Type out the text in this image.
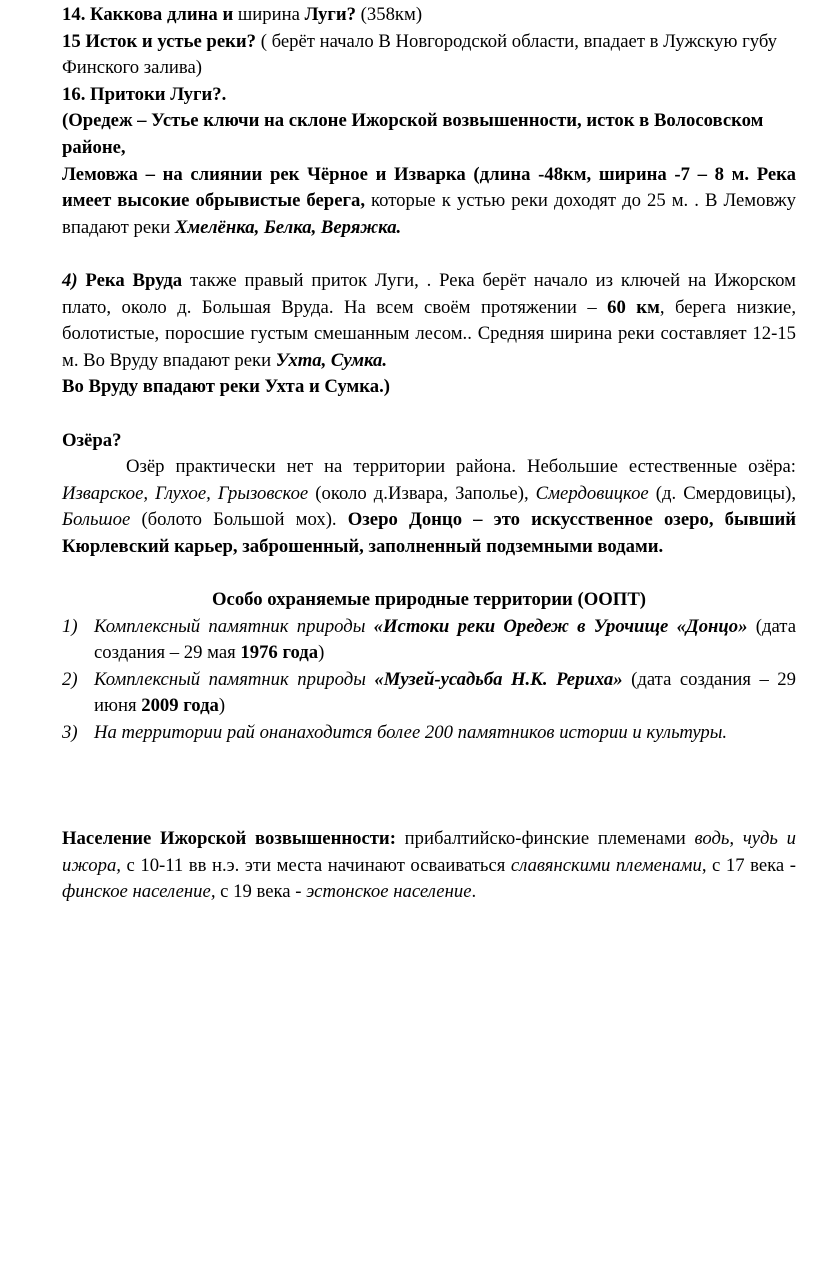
14. Каккова длина и ширина Луги? (358км)

15 Исток и устье реки? ( берёт начало В Новгородской области, впадает в Лужскую губу Финского залива)

16. Притоки Луги?.

(Оредеж – Устье ключи на склоне Ижорской возвышенности, исток в Волосовском районе,

Лемовжа – на слиянии рек Чёрное и Изварка (длина -48км, ширина -7 – 8 м. Река имеет высокие обрывистые берега, которые к устью реки доходят до 25 м. . В Лемовжу впадают реки Хмелёнка, Белка, Веряжка.

4) Река Вруда также правый приток Луги, . Река берёт начало из ключей на Ижорском плато, около д. Большая Вруда. На всем своём протяжении – 60 км, берега низкие, болотистые, поросшие густым смешанным лесом.. Средняя ширина реки составляет 12-15 м. Во Вруду впадают реки Ухта, Сумка.

Во Вруду впадают реки Ухта и Сумка.)

Озёра?

Озёр практически нет на территории района. Небольшие естественные озёра: Изварское, Глухое, Грызовское (около д.Извара, Заполье), Смердовицкое (д. Смердовицы), Большое (болото Большой мох). Озеро Донцо – это искусственное озеро, бывший Кюрлевский карьер, заброшенный, заполненный подземными водами.

Особо охраняемые природные территории (ООПТ)

1) Комплексный памятник природы «Истоки реки Оредеж в Урочище «Донцо» (дата создания – 29 мая 1976 года)
2) Комплексный памятник природы «Музей-усадьба Н.К. Рериха» (дата создания – 29 июня 2009 года)
3) На территории рай онанаходится более 200 памятников истории и культуры.

Население Ижорской возвышенности: прибалтийско-финские племенами водь, чудь и ижора, с 10-11 вв н.э. эти места начинают осваиваться славянскими племенами, с 17 века - финское население, с 19 века - эстонское население.
